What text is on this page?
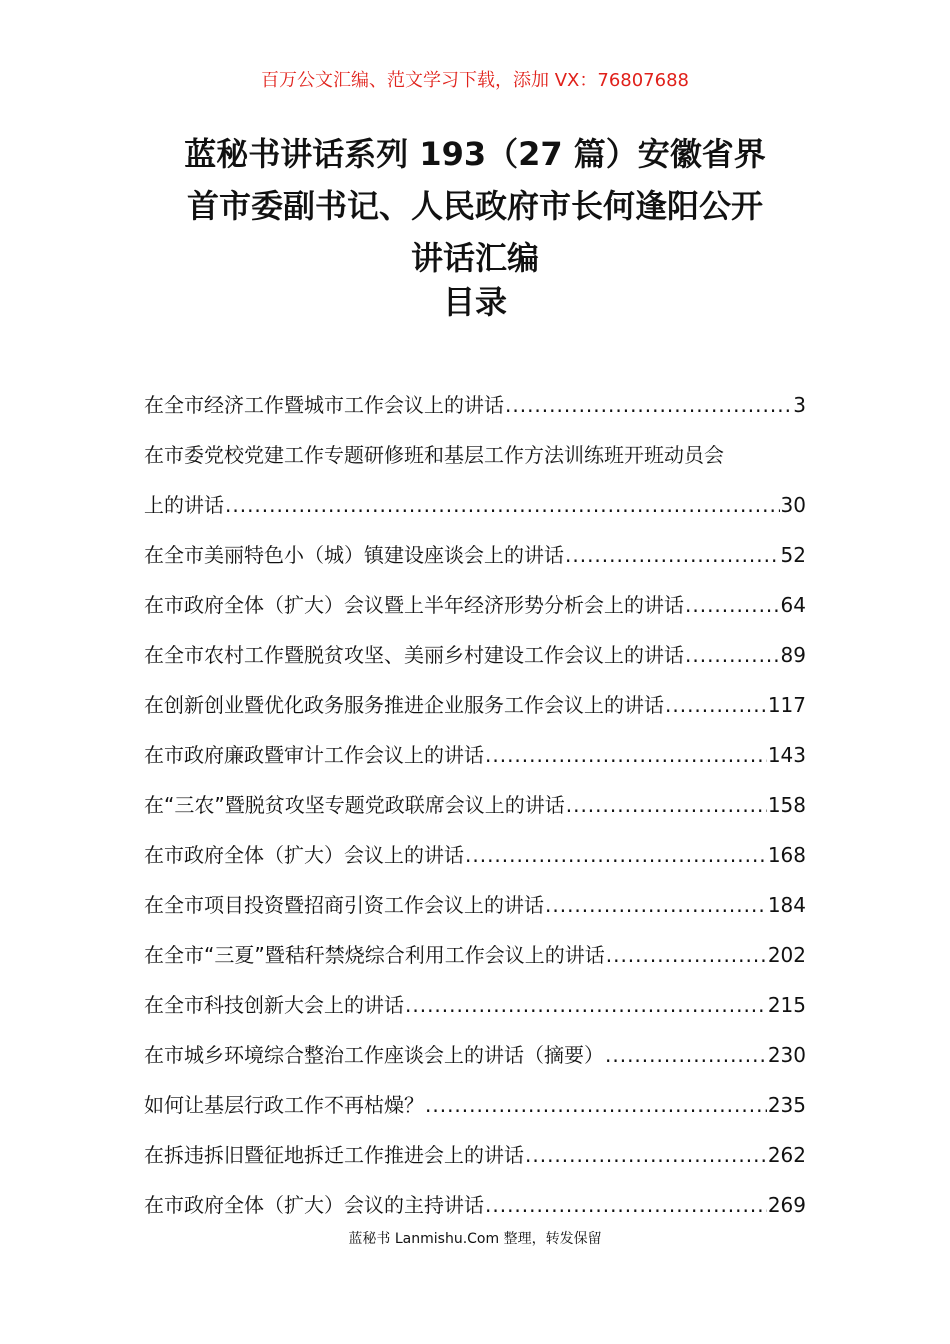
百万公文汇编、范文学习下载，添加 VX：76807688
蓝秘书讲话系列 193（27 篇）安徽省界
首市委副书记、人民政府市长何逢阳公开
讲话汇编
目录
在全市经济工作暨城市工作会议上的讲话 .....	3
在市委党校党建工作专题研修班和基层工作方法训练班开班动员会
上的讲话 .....	30
在全市美丽特色小（城）镇建设座谈会上的讲话 .....	52
在市政府全体（扩大）会议暨上半年经济形势分析会上的讲话 .....	64
在全市农村工作暨脱贫攻坚、美丽乡村建设工作会议上的讲话 .....	89
在创新创业暨优化政务服务推进企业服务工作会议上的讲话 .....	117
在市政府廉政暨审计工作会议上的讲话 .....	143
在“三农”暨脱贫攻坚专题党政联席会议上的讲话 .....	158
在市政府全体（扩大）会议上的讲话 .....	168
在全市项目投资暨招商引资工作会议上的讲话 .....	184
在全市“三夏”暨秸秆禁烧综合利用工作会议上的讲话 .....	202
在全市科技创新大会上的讲话 .....	215
在市城乡环境综合整治工作座谈会上的讲话（摘要） .....	230
如何让基层行政工作不再枯燥？ .....	235
在拆违拆旧暨征地拆迁工作推进会上的讲话 .....	262
在市政府全体（扩大）会议的主持讲话 .....	269
蓝秘书 Lanmishu.Com 整理，转发保留
